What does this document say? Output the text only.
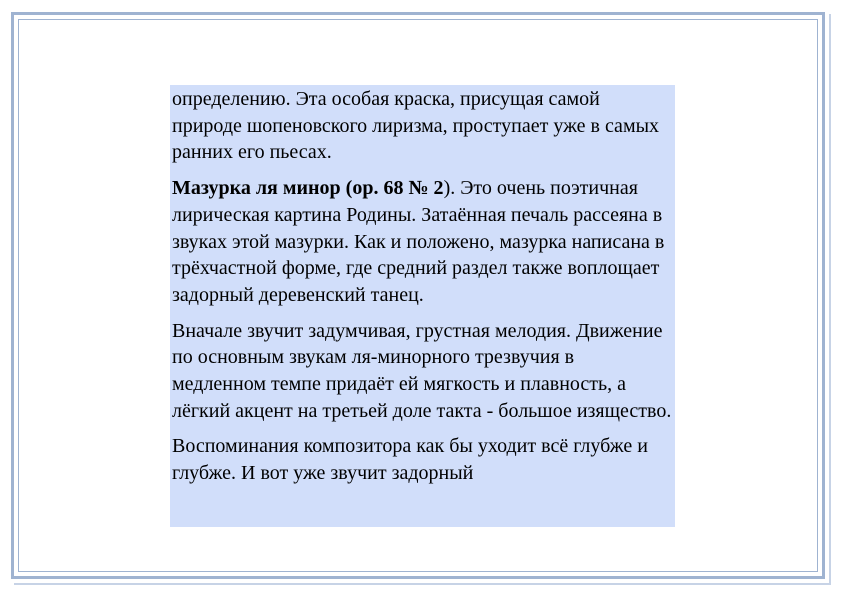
определению. Эта особая краска, присущая самой природе шопеновского лиризма, проступает уже в самых ранних его пьесах.

Мазурка ля минор (ор. 68 № 2). Это очень поэтичная лирическая картина Родины. Затаённая печаль рассеяна в звуках этой мазурки. Как и положено, мазурка написана в трёхчастной форме, где средний раздел также воплощает задорный деревенский танец.

Вначале звучит задумчивая, грустная мелодия. Движение по основным звукам ля-минорного трезвучия в медленном темпе придаёт ей мягкость и плавность, а лёгкий акцент на третьей доле такта - большое изящество.

Воспоминания композитора как бы уходит всё глубже и глубже. И вот уже звучит задорный
